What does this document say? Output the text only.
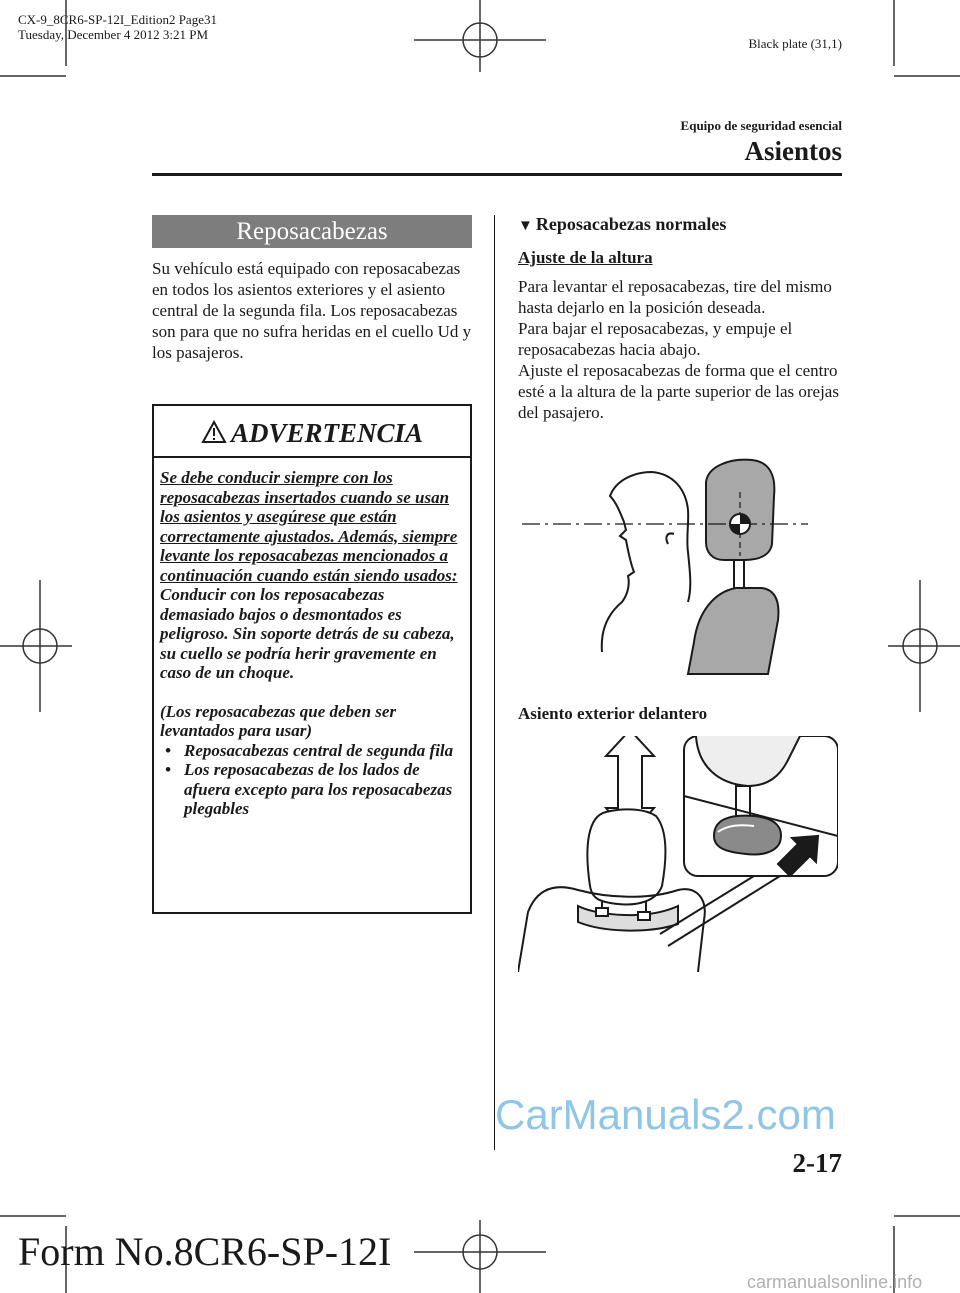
CX-9_8CR6-SP-12I_Edition2 Page31
Tuesday, December 4 2012 3:21 PM
Black plate (31,1)
Equipo de seguridad esencial
Asientos
Reposacabezas
Su vehículo está equipado con reposacabezas en todos los asientos exteriores y el asiento central de la segunda fila. Los reposacabezas son para que no sufra heridas en el cuello Ud y los pasajeros.
ADVERTENCIA

Se debe conducir siempre con los reposacabezas insertados cuando se usan los asientos y asegúrese que están correctamente ajustados. Además, siempre levante los reposacabezas mencionados a continuación cuando están siendo usados:

Conducir con los reposacabezas demasiado bajos o desmontados es peligroso. Sin soporte detrás de su cabeza, su cuello se podría herir gravemente en caso de un choque.

(Los reposacabezas que deben ser levantados para usar)

• Reposacabezas central de segunda fila
• Los reposacabezas de los lados de afuera excepto para los reposacabezas plegables
▼ Reposacabezas normales
Ajuste de la altura
Para levantar el reposacabezas, tire del mismo hasta dejarlo en la posición deseada.
Para bajar el reposacabezas, y empuje el reposacabezas hacia abajo.
Ajuste el reposacabezas de forma que el centro esté a la altura de la parte superior de las orejas del pasajero.
Asiento exterior delantero
2-17
Form No.8CR6-SP-12I
CarManuals2.com
carmanualsonline.info
